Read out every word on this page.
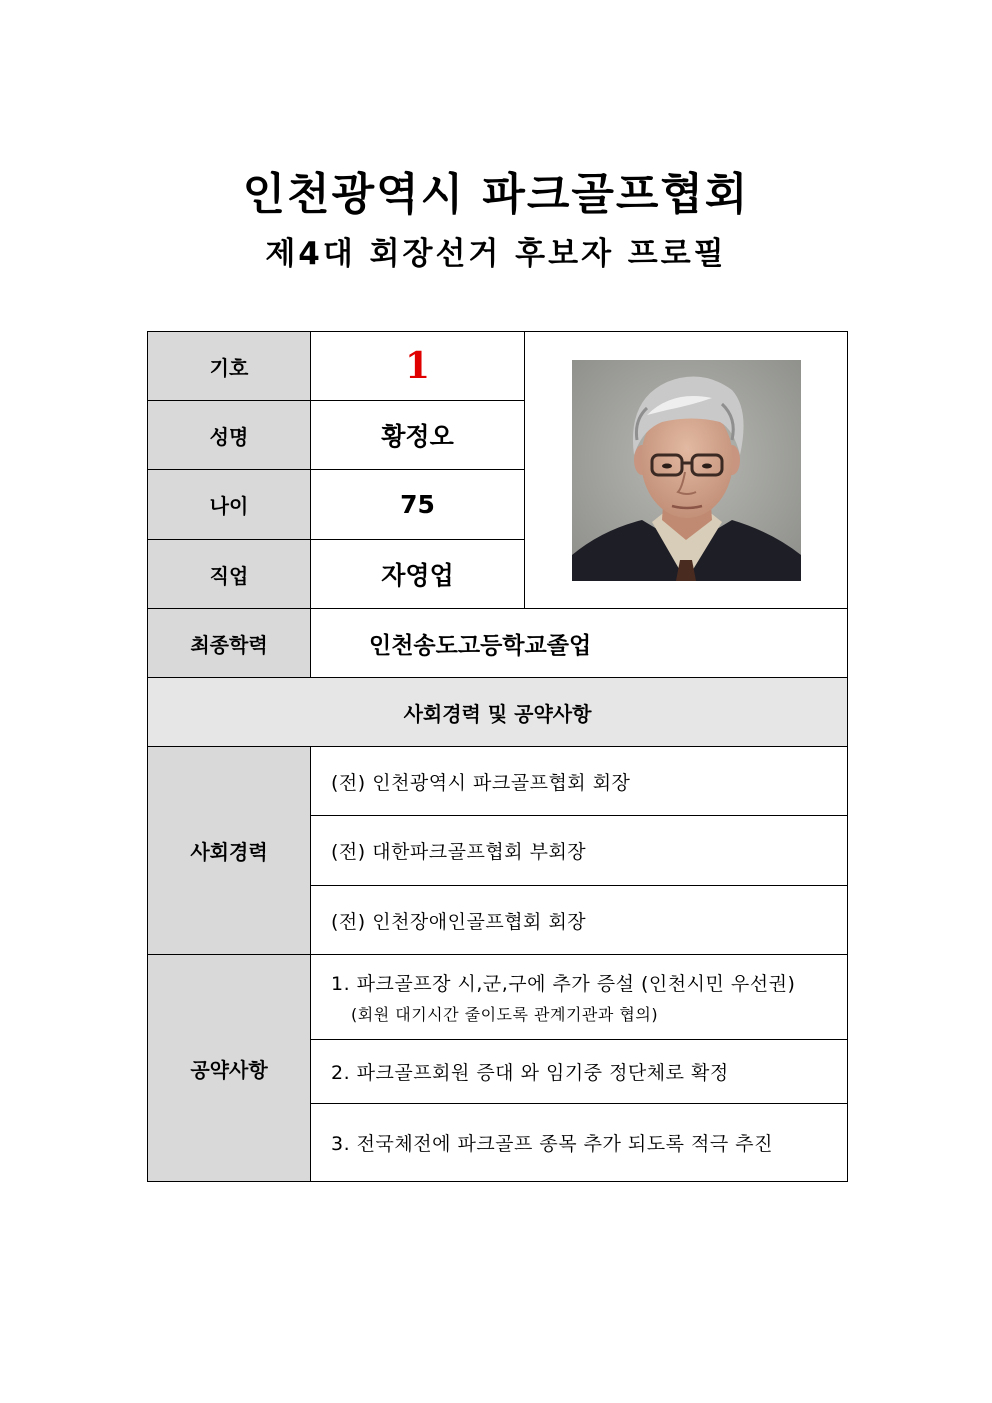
인천광역시 파크골프협회
제4대 회장선거 후보자 프로필
기호	1	

성명	황정오	
나이	75	
직업	자영업	
최종학력	인천송도고등학교졸업	
사회경력 및 공약사항		
사회경력	(전) 인천광역시 파크골프협회 회장	
	(전) 대한파크골프협회 부회장	
	(전) 인천장애인골프협회 회장	
공약사항	1. 파크골프장 시,군,구에 추가 증설 (인천시민 우선권)
(회원 대기시간 줄이도록 관계기관과 협의)	

	2. 파크골프회원 증대 와 임기중 정단체로 확정	
	3. 전국체전에 파크골프 종목 추가 되도록 적극 추진	
